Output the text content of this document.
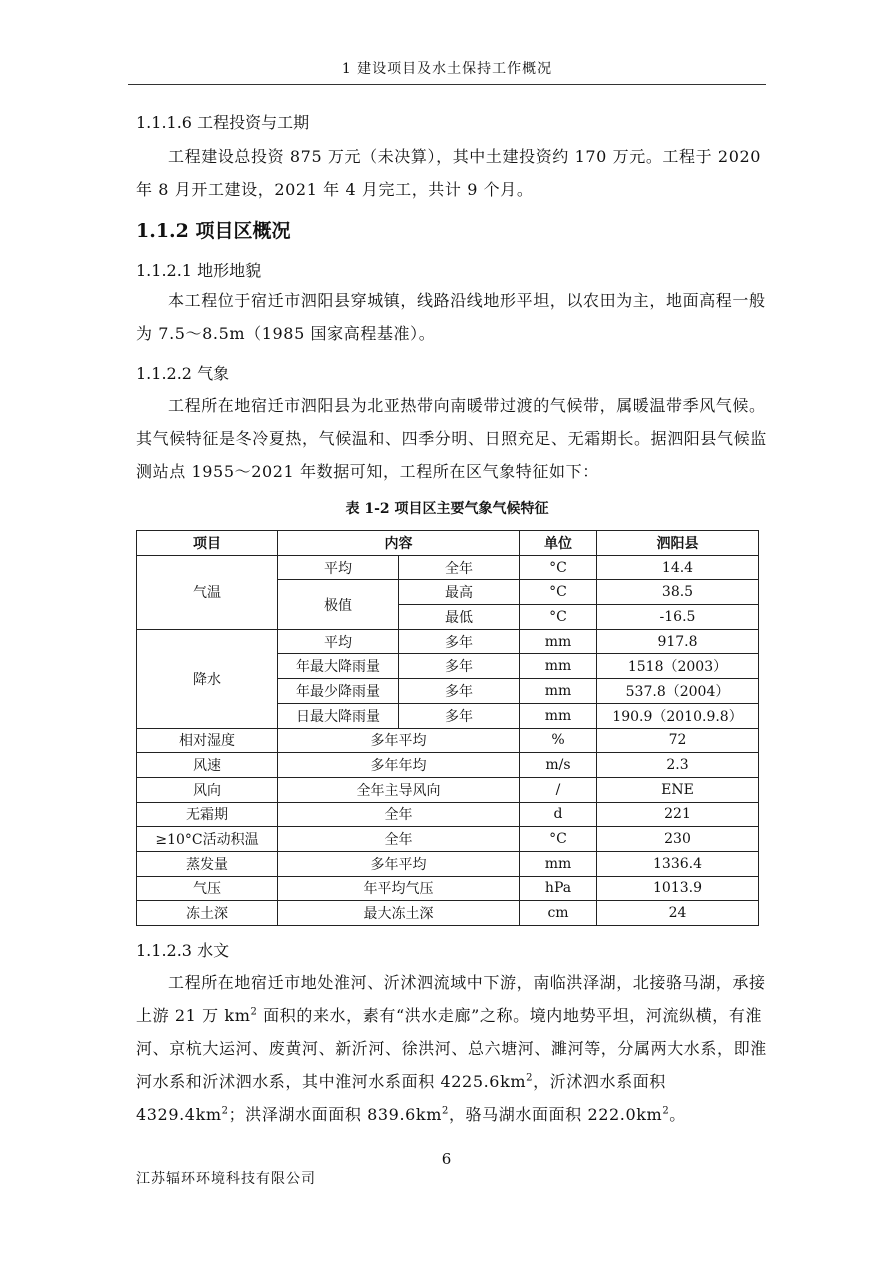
1 建设项目及水土保持工作概况
1.1.1.6 工程投资与工期

工程建设总投资 875 万元（未决算），其中土建投资约 170 万元。工程于 2020 年 8 月开工建设，2021 年 4 月完工，共计 9 个月。

1.1.2 项目区概况
1.1.2.1 地形地貌

本工程位于宿迁市泗阳县穿城镇，线路沿线地形平坦，以农田为主，地面高程一般为 7.5～8.5m（1985 国家高程基准）。

1.1.2.2 气象

工程所在地宿迁市泗阳县为北亚热带向南暖带过渡的气候带，属暖温带季风气候。其气候特征是冬冷夏热，气候温和、四季分明、日照充足、无霜期长。据泗阳县气候监测站点 1955～2021 年数据可知，工程所在区气象特征如下：

表 1-2 项目区主要气象气候特征
项目	内容		单位	泗阳县
气温	平均	全年	°C	14.4
	极值	最高	°C	38.5
		最低	°C	-16.5
降水	平均	多年	mm	917.8
	年最大降雨量	多年	mm	1518（2003）
	年最少降雨量	多年	mm	537.8（2004）
	日最大降雨量	多年	mm	190.9（2010.9.8）
相对湿度	多年平均		%	72
风速	多年年均		m/s	2.3
风向	全年主导风向		/	ENE
无霜期	全年		d	221
≥10°C活动积温	全年		°C	230
蒸发量	多年平均		mm	1336.4
气压	年平均气压		hPa	1013.9
冻土深	最大冻土深		cm	24
1.1.2.3 水文

工程所在地宿迁市地处淮河、沂沭泗流域中下游，南临洪泽湖，北接骆马湖，承接上游 21 万 $km^2$ 面积的来水，素有“洪水走廊”之称。境内地势平坦，河流纵横，有淮河、京杭大运河、废黄河、新沂河、徐洪河、总六塘河、濉河等，分属两大水系，即淮河水系和沂沭泗水系，其中淮河水系面积 $4225.6km^2$，沂沭泗水系面积 $4329.4km^2$；洪泽湖水面面积 $839.6km^2$，骆马湖水面面积 $222.0km^2$。

6
江苏辐环环境科技有限公司
